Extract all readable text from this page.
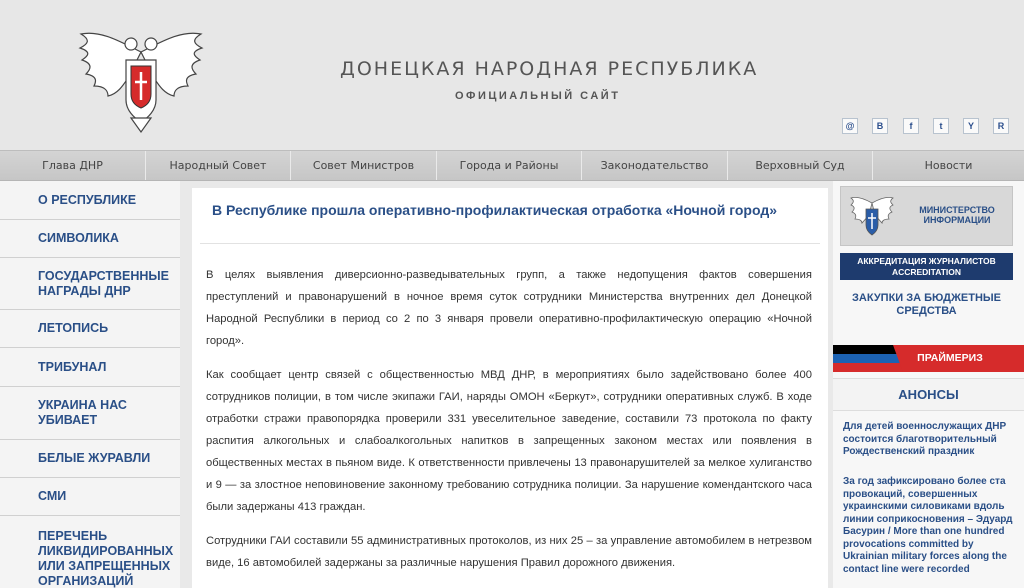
ДОНЕЦКАЯ НАРОДНАЯ РЕСПУБЛИКА
ОФИЦИАЛЬНЫЙ САЙТ
@	B	f	t	Y	R
Глава ДНР	Народный Совет	Совет Министров	Города и Районы	Законодательство	Верховный Суд	Новости
О РЕСПУБЛИКЕ
СИМВОЛИКА
ГОСУДАРСТВЕННЫЕ НАГРАДЫ ДНР
ЛЕТОПИСЬ
ТРИБУНАЛ
УКРАИНА НАС УБИВАЕТ
БЕЛЫЕ ЖУРАВЛИ
СМИ
ПЕРЕЧЕНЬ ЛИКВИДИРОВАННЫХ ИЛИ ЗАПРЕЩЕННЫХ ОРГАНИЗАЦИЙ
В Республике прошла оперативно-профилактическая отработка «Ночной город»
В целях выявления диверсионно-разведывательных групп, а также недопущения фактов совершения преступлений и правонарушений в ночное время суток сотрудники Министерства внутренних дел Донецкой Народной Республики в период со 2 по 3 января провели оперативно-профилактическую операцию «Ночной город».
Как сообщает центр связей с общественностью МВД ДНР, в мероприятиях было задействовано более 400 сотрудников полиции, в том числе экипажи ГАИ, наряды ОМОН «Беркут», сотрудники оперативных служб. В ходе отработки стражи правопорядка проверили 331 увеселительное заведение, составили 73 протокола по факту распития алкогольных и слабоалкогольных напитков в запрещенных законом местах или появления в общественных местах в пьяном виде. К ответственности привлечены 13 правонарушителей за мелкое хулиганство и 9 — за злостное неповиновение законному требованию сотрудника полиции. За нарушение комендантского часа были задержаны 413 граждан.
Сотрудники ГАИ составили 55 административных протоколов, из них 25 – за управление автомобилем в нетрезвом виде, 16 автомобилей задержаны за различные нарушения Правил дорожного движения.
МИНИСТЕРСТВО ИНФОРМАЦИИ
АККРЕДИТАЦИЯ ЖУРНАЛИСТОВ ACCREDITATION
ЗАКУПКИ ЗА БЮДЖЕТНЫЕ СРЕДСТВА
ПРАЙМЕРИЗ
АНОНСЫ
Для детей военнослужащих ДНР состоится благотворительный Рождественский праздник
За год зафиксировано более ста провокаций, совершенных украинскими силовиками вдоль линии соприкосновения – Эдуард Басурин / More than one hundred provocations committed by Ukrainian military forces along the contact line were recorded
